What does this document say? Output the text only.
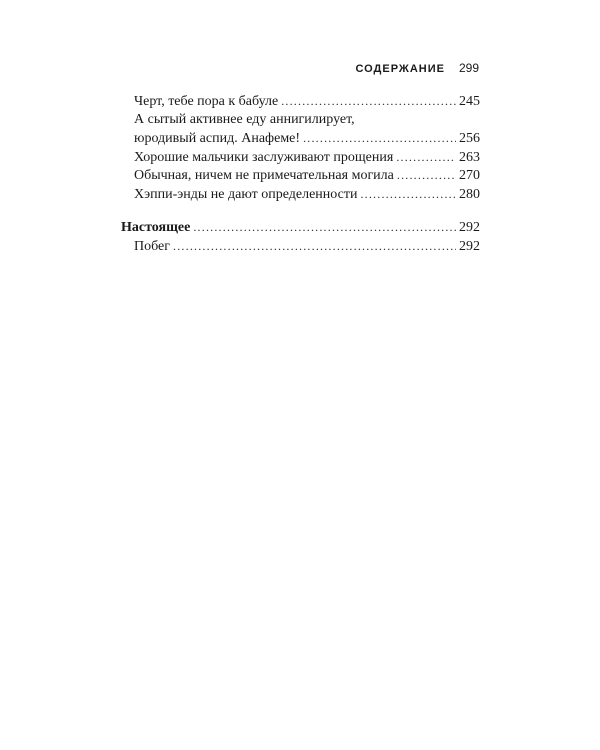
СОДЕРЖАНИЕ 299
Черт, тебе пора к бабуле . . .	245
А сытый активнее еду аннигилирует,
юродивый аспид. Анафеме! . . .	256
Хорошие мальчики заслуживают прощения . . .	263
Обычная, ничем не примечательная могила . . .	270
Хэппи-энды не дают определенности . . .	280
Настоящее . . .	292
Побег . . .	292
